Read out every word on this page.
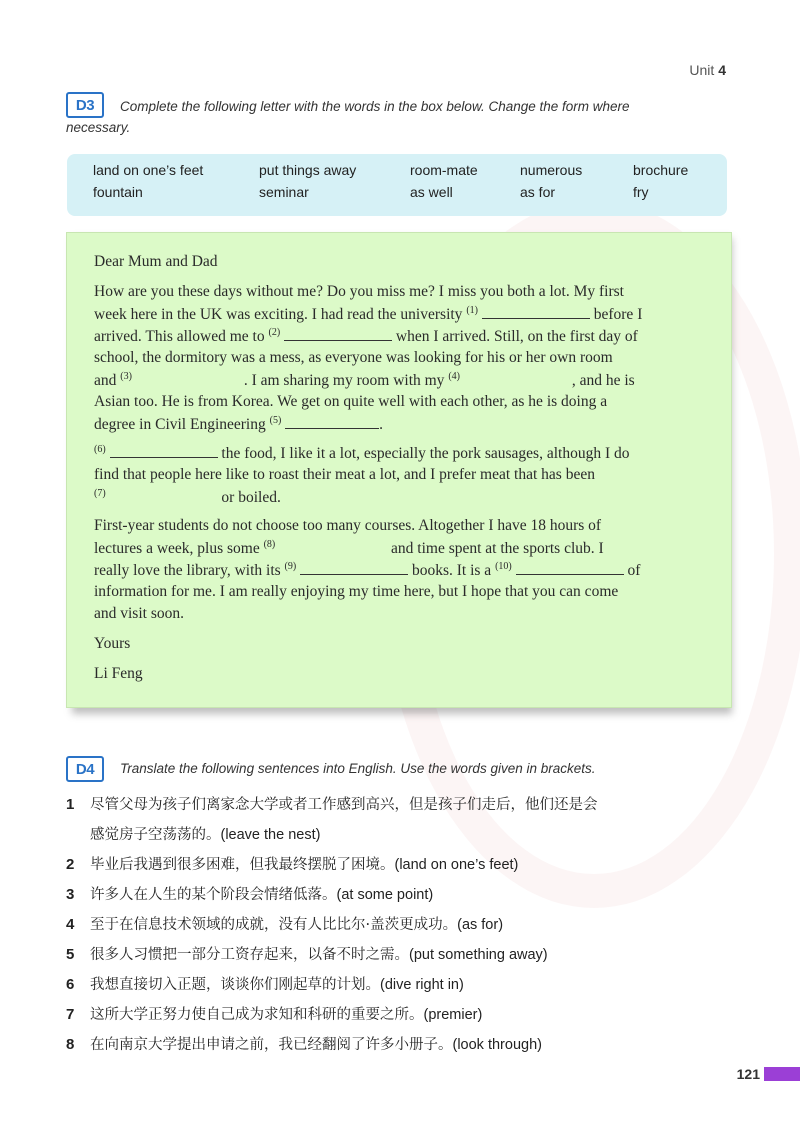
Unit 4
D3	Complete the following letter with the words in the box below. Change the form where
necessary.
land on one’s feet	put things away	room-mate	numerous	brochure
fountain	seminar	as well	as for	fry
Dear Mum and Dad
How are you these days without me? Do you miss me? I miss you both a lot. My first
week here in the UK was exciting. I had read the university $^{(1)}$	before I
arrived. This allowed me to $^{(2)}$	when I arrived. Still, on the first day of
school, the dormitory was a mess, as everyone was looking for his or her own room
and $^{(3)}$	. I am sharing my room with my $^{(4)}$	, and he is
Asian too. He is from Korea. We get on quite well with each other, as he is doing a
degree in Civil Engineering $^{(5)}$	.
$^{(6)}$	the food, I like it a lot, especially the pork sausages, although I do
find that people here like to roast their meat a lot, and I prefer meat that has been
$^{(7)}$	or boiled.
First-year students do not choose too many courses. Altogether I have 18 hours of
lectures a week, plus some $^{(8)}$	and time spent at the sports club. I
really love the library, with its $^{(9)}$	books. It is a $^{(10)}$	of
information for me. I am really enjoying my time here, but I hope that you can come
and visit soon.
Yours
Li Feng
D4	Translate the following sentences into English. Use the words given in brackets.
1	尽管父母为孩子们离家念大学或者工作感到高兴，但是孩子们走后，他们还是会
感觉房子空荡荡的。(leave the nest)
2	毕业后我遇到很多困难，但我最终摆脱了困境。(land on one’s feet)
3	许多人在人生的某个阶段会情绪低落。(at some point)
4	至于在信息技术领域的成就，没有人比比尔·盖茨更成功。(as for)
5	很多人习惯把一部分工资存起来，以备不时之需。(put something away)
6	我想直接切入正题，谈谈你们刚起草的计划。(dive right in)
7	这所大学正努力使自己成为求知和科研的重要之所。(premier)
8	在向南京大学提出申请之前，我已经翻阅了许多小册子。(look through)
121
